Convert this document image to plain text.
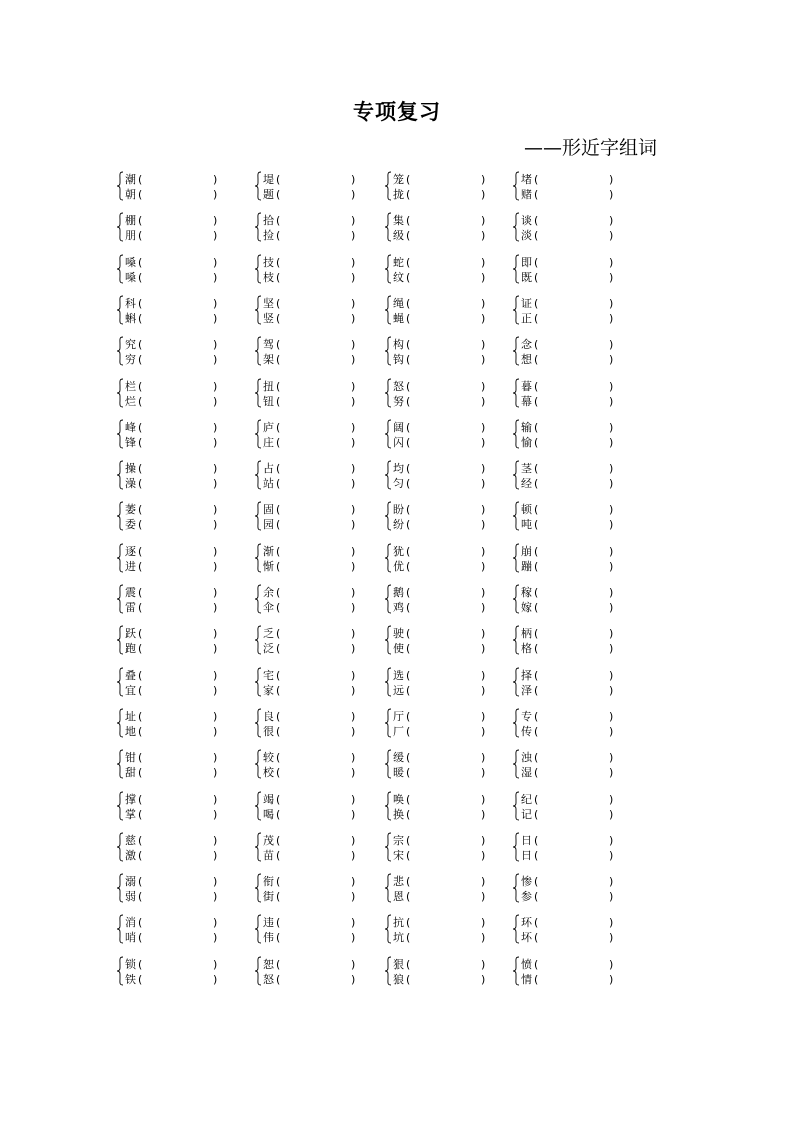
专项复习
——形近字组词
潮 (	)
朝 (	)
堤 (	)
题 (	)
笼 (	)
拢 (	)
堵 (	)
赌 (	)
棚 (	)
朋 (	)
拾 (	)
捡 (	)
集 (	)
级 (	)
谈 (	)
淡 (	)
嗓 (	)
嗓 (	)
技 (	)
枝 (	)
蛇 (	)
纹 (	)
即 (	)
既 (	)
科 (	)
蝌 (	)
坚 (	)
竖 (	)
绳 (	)
蝇 (	)
证 (	)
正 (	)
究 (	)
穷 (	)
驾 (	)
架 (	)
构 (	)
钩 (	)
念 (	)
想 (	)
栏 (	)
烂 (	)
扭 (	)
钮 (	)
怒 (	)
努 (	)
暮 (	)
幕 (	)
峰 (	)
锋 (	)
庐 (	)
庄 (	)
阔 (	)
闪 (	)
输 (	)
愉 (	)
操 (	)
澡 (	)
占 (	)
站 (	)
均 (	)
匀 (	)
茎 (	)
经 (	)
萎 (	)
委 (	)
固 (	)
园 (	)
盼 (	)
纷 (	)
顿 (	)
吨 (	)
逐 (	)
进 (	)
渐 (	)
惭 (	)
犹 (	)
优 (	)
崩 (	)
蹦 (	)
震 (	)
雷 (	)
余 (	)
伞 (	)
鹅 (	)
鸡 (	)
稼 (	)
嫁 (	)
跃 (	)
跑 (	)
乏 (	)
泛 (	)
驶 (	)
使 (	)
柄 (	)
格 (	)
叠 (	)
宜 (	)
宅 (	)
家 (	)
选 (	)
远 (	)
择 (	)
泽 (	)
址 (	)
地 (	)
良 (	)
很 (	)
厅 (	)
厂 (	)
专 (	)
传 (	)
钳 (	)
甜 (	)
较 (	)
校 (	)
缓 (	)
暖 (	)
浊 (	)
湿 (	)
撑 (	)
掌 (	)
竭 (	)
喝 (	)
唤 (	)
换 (	)
纪 (	)
记 (	)
慈 (	)
激 (	)
茂 (	)
苗 (	)
宗 (	)
宋 (	)
日 (	)
日 (	)
溺 (	)
弱 (	)
衔 (	)
街 (	)
悲 (	)
恩 (	)
惨 (	)
参 (	)
消 (	)
哨 (	)
违 (	)
伟 (	)
抗 (	)
坑 (	)
环 (	)
坏 (	)
锁 (	)
铁 (	)
恕 (	)
怒 (	)
狠 (	)
狼 (	)
愤 (	)
情 (	)
